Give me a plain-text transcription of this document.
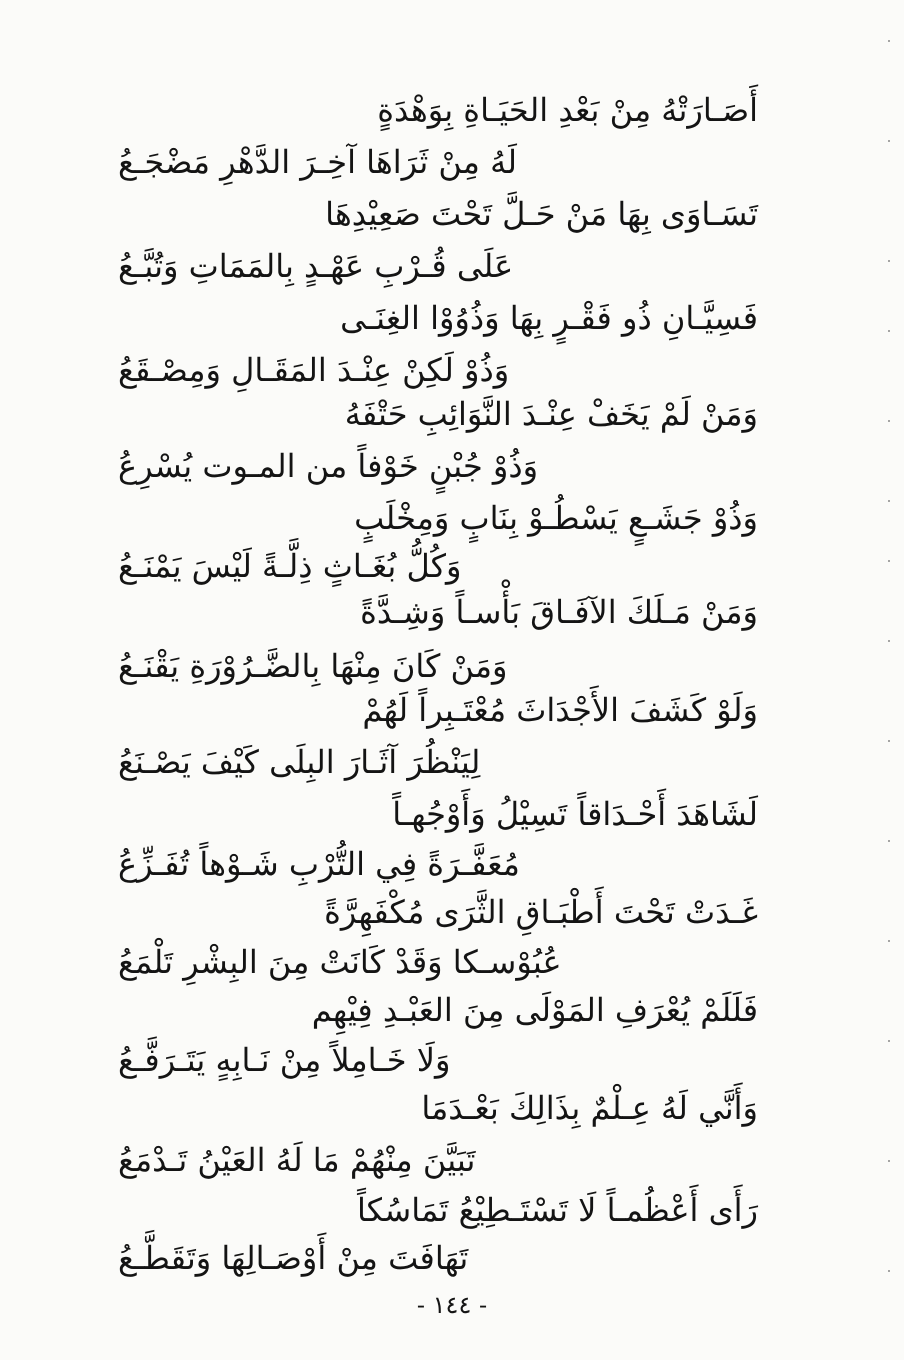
أَصَـارَتْهُ مِنْ بَعْدِ الحَيَـاةِ بِوَهْدَةٍ
لَهُ مِنْ ثَرَاهَا آخِـرَ الدَّهْرِ مَضْجَـعُ
تَسَـاوَى بِهَا مَنْ حَـلَّ تَحْتَ صَعِيْدِهَا
عَلَى قُـرْبِ عَهْـدٍ بِالمَمَاتِ وَتُبَّـعُ
فَسِيَّـانِ ذُو فَقْـرٍ بِهَا وَذُوُوْا الغِنَـى
وَذُوْ لَكِنْ عِنْـدَ المَقَـالِ وَمِصْـقَعُ
وَمَنْ لَمْ يَخَفْ عِنْـدَ النَّوَائِبِ حَتْفَهُ
وَذُوْ جُبْنٍ خَوْفاً من المـوت يُسْرِعُ
وَذُوْ جَشَـعٍ يَسْطُـوْ بِنَابٍ وَمِخْلَبٍ
وَكُلُّ بُغَـاثٍ ذِلَّـةً لَيْسَ يَمْنَـعُ
وَمَنْ مَـلَكَ الآفَـاقَ بَأْسـاً وَشِـدَّةً
وَمَنْ كَانَ مِنْهَا بِالضَّـرُوْرَةِ يَقْنَـعُ
وَلَوْ كَشَفَ الأَجْدَاثَ مُعْتَـبِراً لَهُمْ
لِيَنْظُرَ آثَـارَ البِلَى كَيْفَ يَصْـنَعُ
لَشَاهَدَ أَحْـدَاقاً تَسِيْلُ وَأَوْجُهـاً
مُعَفَّـرَةً فِي التُّرْبِ شَـوْهاً تُفَـزِّعُ
غَـدَتْ تَحْتَ أَطْبَـاقِ الثَّرَى مُكْفَهِرَّةً
عُبُوْسـكا وَقَدْ كَانَتْ مِنَ البِشْرِ تَلْمَعُ
فَلَلَمْ يُعْرَفِ المَوْلَى مِنَ العَبْـدِ فِيْهِم
وَلَا خَـامِلاً مِنْ نَـابِهٍ يَتَـرَفَّـعُ
وَأَنَّي لَهُ عِـلْمٌ بِذَالِكَ بَعْـدَمَا
تَبَيَّنَ مِنْهُمْ مَا لَهُ العَيْنُ تَـدْمَعُ
رَأَى أَعْظُمـاً لَا تَسْتَـطِيْعُ تَمَاسُكاً
تَهَافَتَ مِنْ أَوْصَـالِهَا وَتَقَطَّـعُ
- ١٤٤ -
